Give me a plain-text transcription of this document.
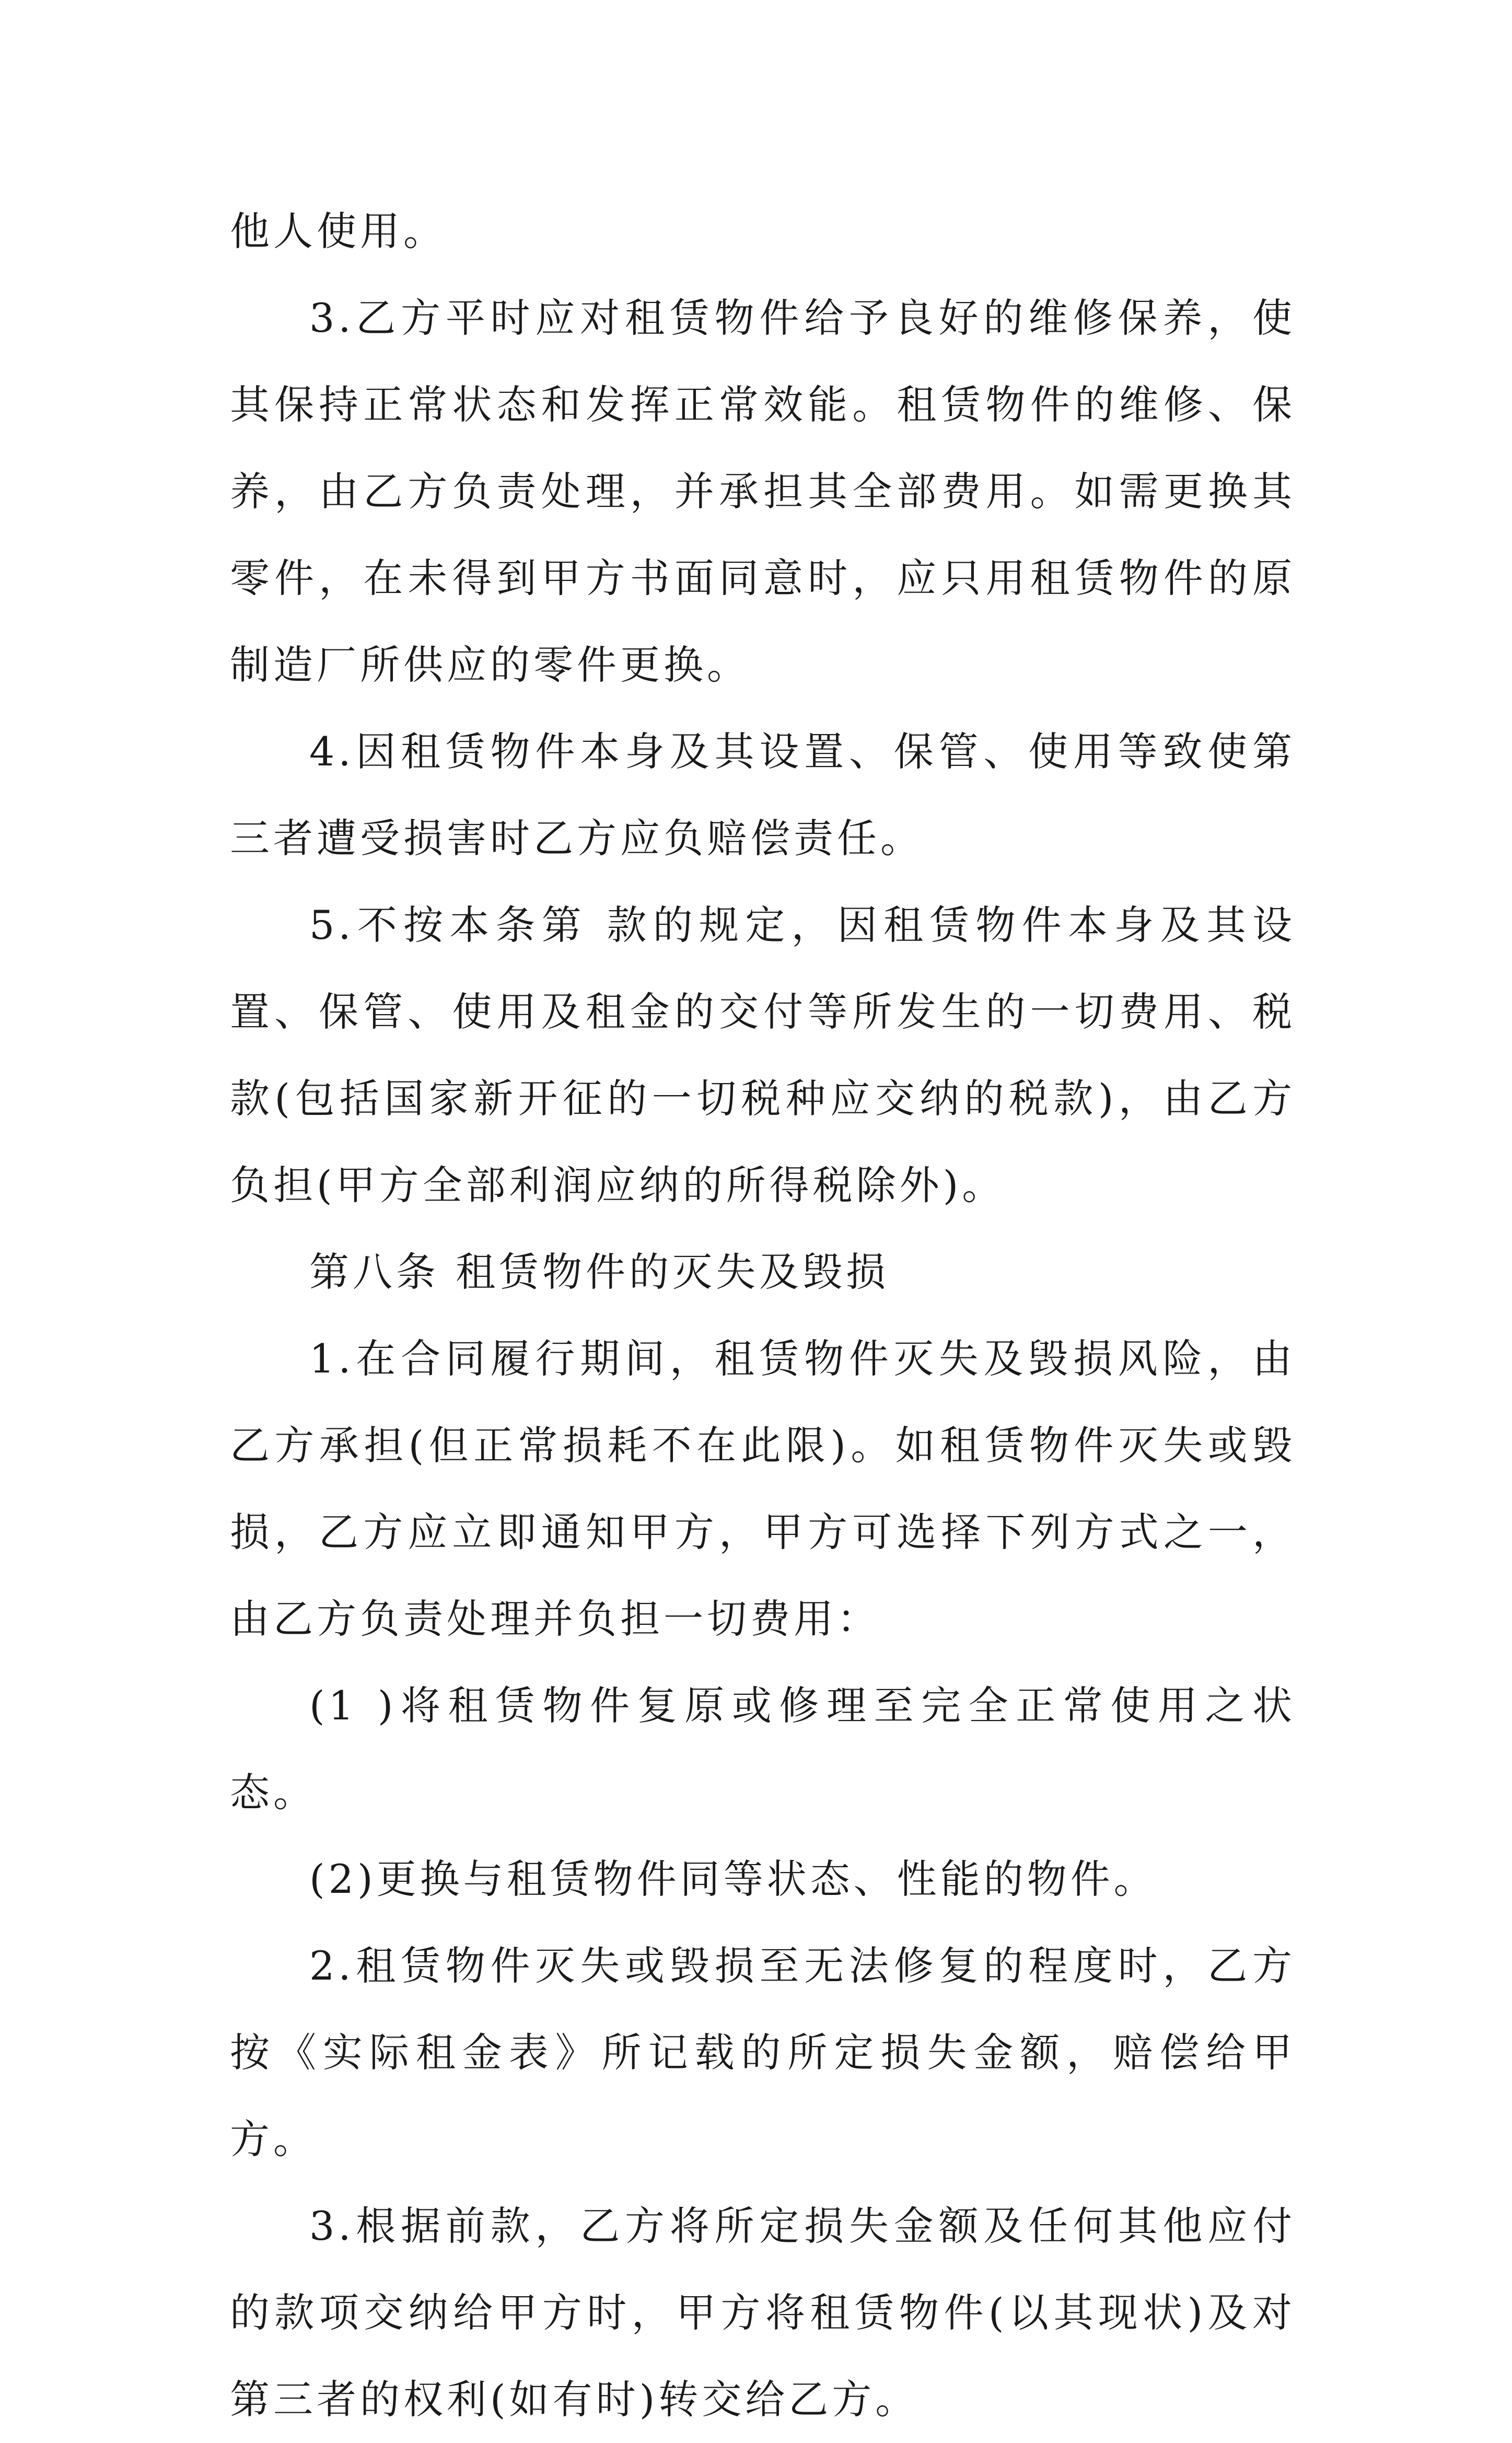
他人使用。

3.乙方平时应对租赁物件给予良好的维修保养，使其保持正常状态和发挥正常效能。租赁物件的维修、保养，由乙方负责处理，并承担其全部费用。如需更换其零件，在未得到甲方书面同意时，应只用租赁物件的原制造厂所供应的零件更换。

4.因租赁物件本身及其设置、保管、使用等致使第三者遭受损害时乙方应负赔偿责任。

5.不按本条第 款的规定，因租赁物件本身及其设置、保管、使用及租金的交付等所发生的一切费用、税款(包括国家新开征的一切税种应交纳的税款)，由乙方负担(甲方全部利润应纳的所得税除外)。

第八条 租赁物件的灭失及毁损

1.在合同履行期间，租赁物件灭失及毁损风险，由乙方承担(但正常损耗不在此限)。如租赁物件灭失或毁损，乙方应立即通知甲方，甲方可选择下列方式之一，由乙方负责处理并负担一切费用：

(1 )将租赁物件复原或修理至完全正常使用之状态。

(2)更换与租赁物件同等状态、性能的物件。

2.租赁物件灭失或毁损至无法修复的程度时，乙方按《实际租金表》所记载的所定损失金额，赔偿给甲方。

3.根据前款，乙方将所定损失金额及任何其他应付的款项交纳给甲方时，甲方将租赁物件(以其现状)及对第三者的权利(如有时)转交给乙方。
